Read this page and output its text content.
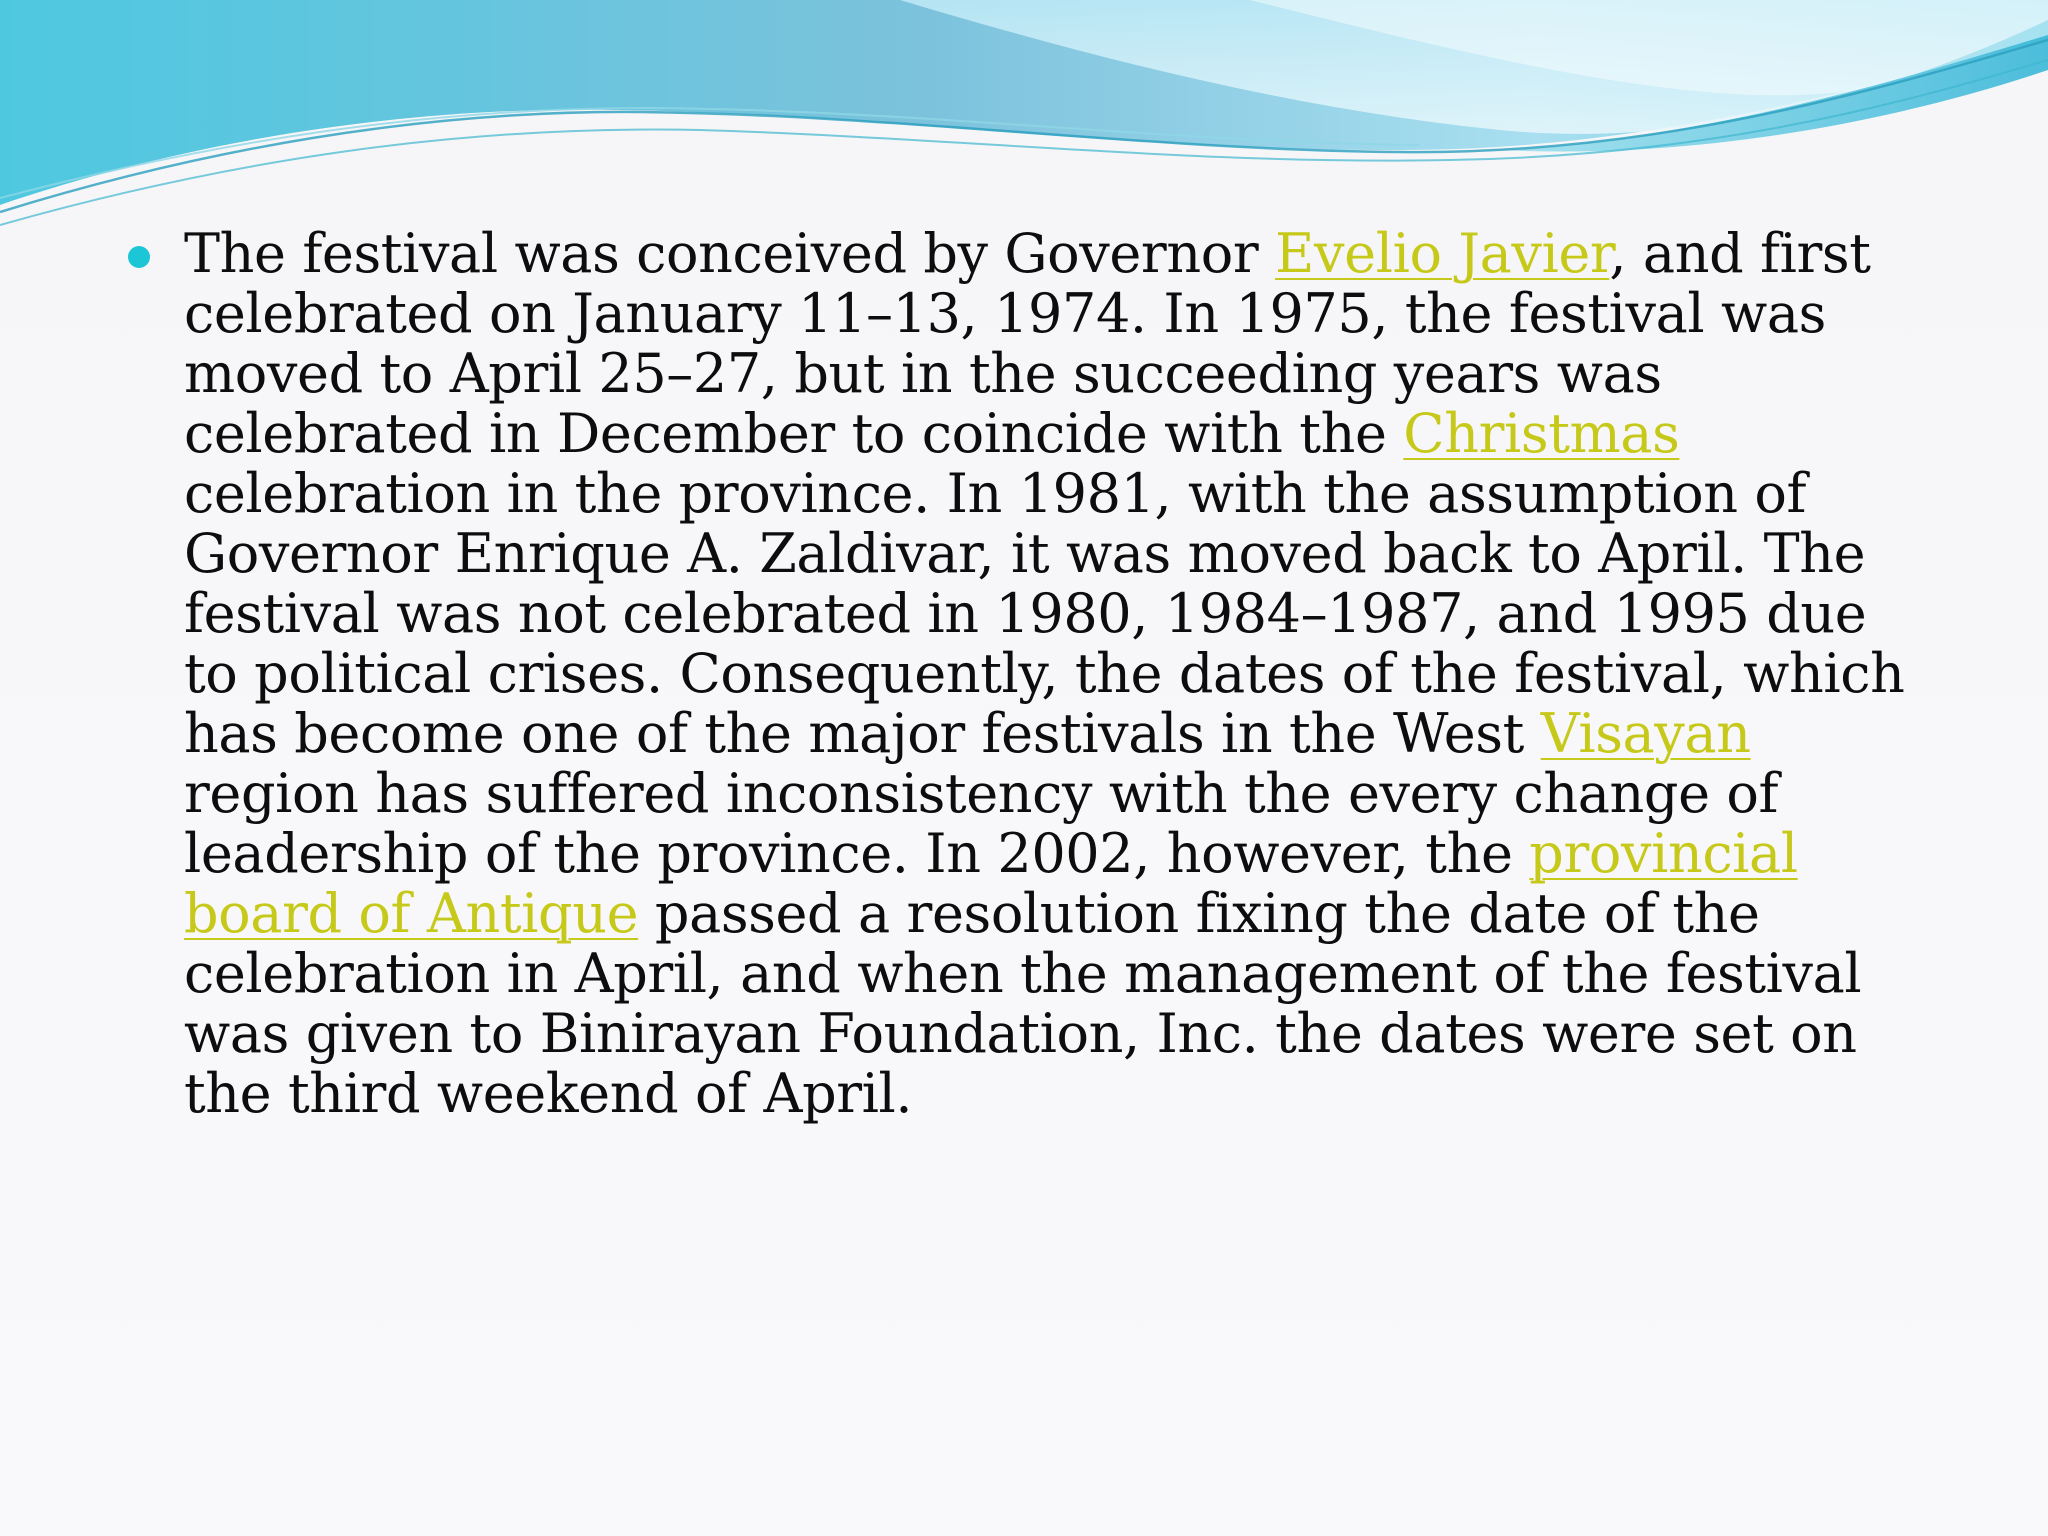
The festival was conceived by Governor Evelio Javier, and first celebrated on January 11–13, 1974. In 1975, the festival was moved to April 25–27, but in the succeeding years was celebrated in December to coincide with the Christmas celebration in the province. In 1981, with the assumption of Governor Enrique A. Zaldivar, it was moved back to April. The festival was not celebrated in 1980, 1984–1987, and 1995 due to political crises. Consequently, the dates of the festival, which has become one of the major festivals in the West Visayan region has suffered inconsistency with the every change of leadership of the province. In 2002, however, the provincial board of Antique passed a resolution fixing the date of the celebration in April, and when the management of the festival was given to Binirayan Foundation, Inc. the dates were set on the third weekend of April.
